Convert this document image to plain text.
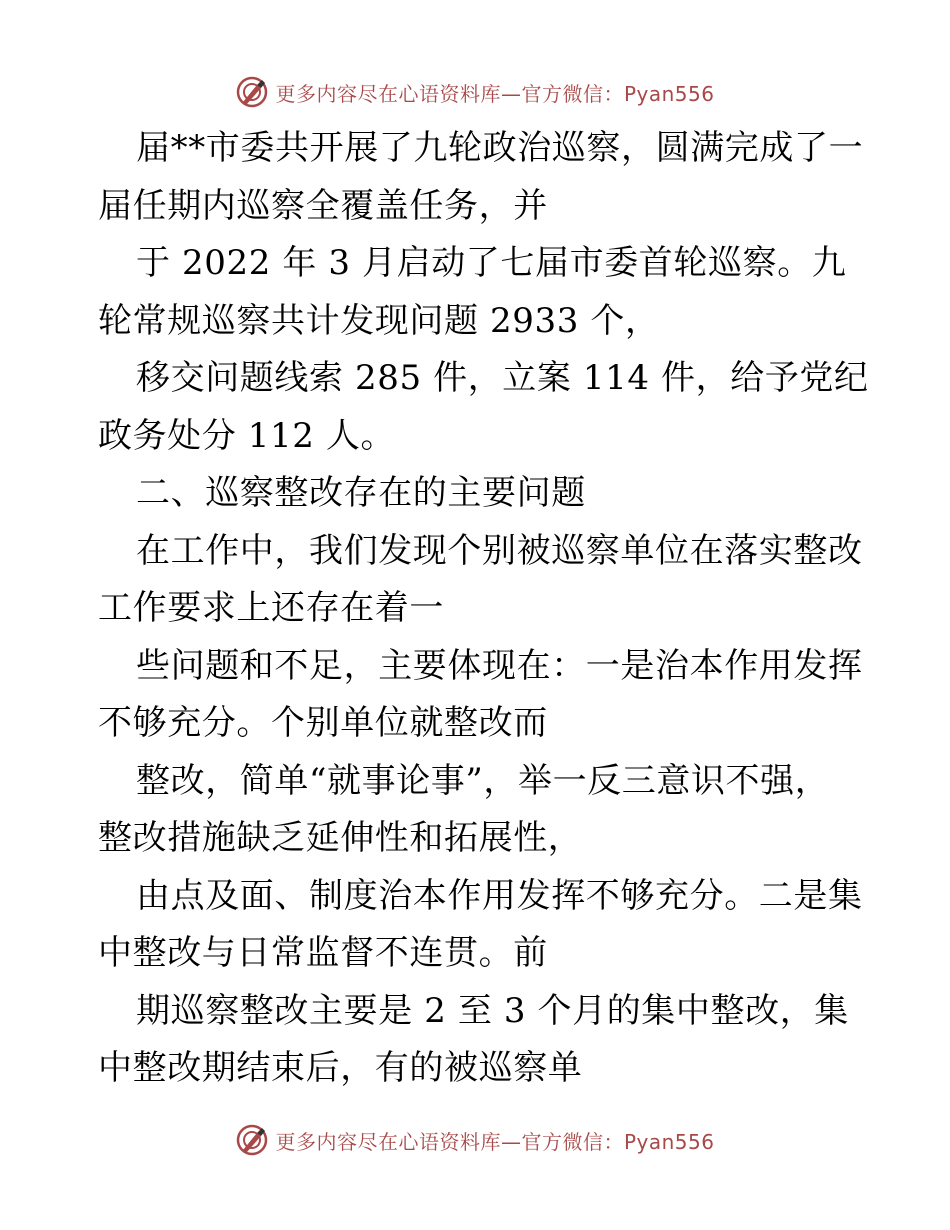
更多内容尽在心语资料库—官方微信：Pyan556
届**市委共开展了九轮政治巡察，圆满完成了一
届任期内巡察全覆盖任务，并
于 2022 年 3 月启动了七届市委首轮巡察。九
轮常规巡察共计发现问题 2933 个，
移交问题线索 285 件，立案 114 件，给予党纪
政务处分 112 人。
二、巡察整改存在的主要问题
在工作中，我们发现个别被巡察单位在落实整改
工作要求上还存在着一
些问题和不足，主要体现在：一是治本作用发挥
不够充分。个别单位就整改而
整改，简单“就事论事”，举一反三意识不强，
整改措施缺乏延伸性和拓展性，
由点及面、制度治本作用发挥不够充分。二是集
中整改与日常监督不连贯。前
期巡察整改主要是 2 至 3 个月的集中整改，集
中整改期结束后，有的被巡察单
更多内容尽在心语资料库—官方微信：Pyan556
